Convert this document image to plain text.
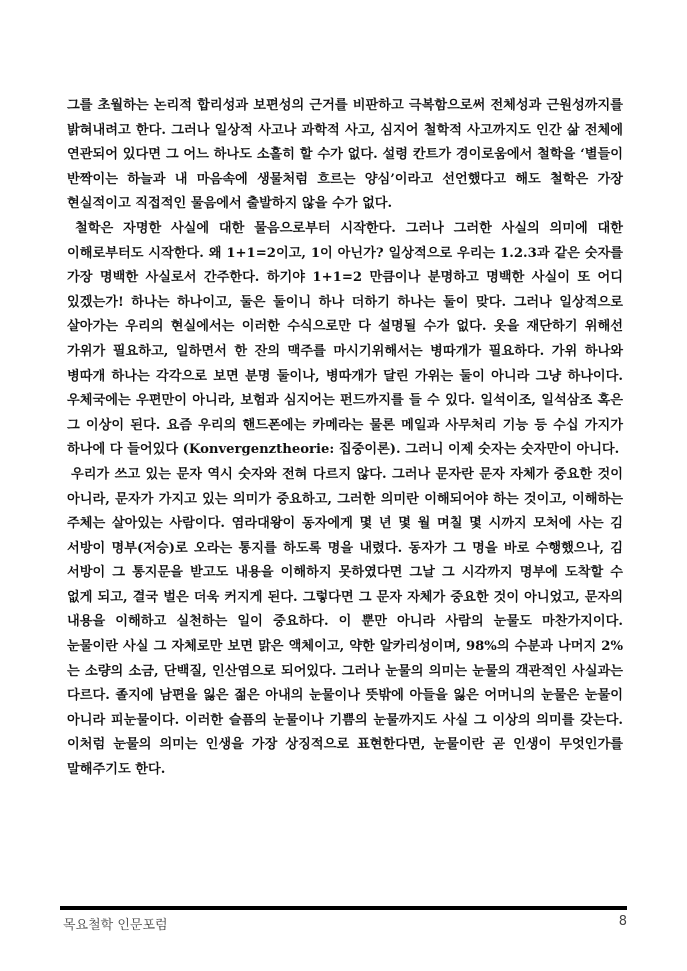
그를 초월하는 논리적 합리성과 보편성의 근거를 비판하고 극복함으로써 전체성과 근원성까지를 밝혀내려고 한다. 그러나 일상적 사고나 과학적 사고, 심지어 철학적 사고까지도 인간 삶 전체에 연관되어 있다면 그 어느 하나도 소홀히 할 수가 없다. 설령 칸트가 경이로움에서 철학을 ‘별들이 반짝이는 하늘과 내 마음속에 생물처럼 흐르는 양심’이라고 선언했다고 해도 철학은 가장 현실적이고 직접적인 물음에서 출발하지 않을 수가 없다.

철학은 자명한 사실에 대한 물음으로부터 시작한다. 그러나 그러한 사실의 의미에 대한 이해로부터도 시작한다. 왜 1+1=2이고, 1이 아닌가? 일상적으로 우리는 1.2.3과 같은 숫자를 가장 명백한 사실로서 간주한다. 하기야 1+1=2 만큼이나 분명하고 명백한 사실이 또 어디 있겠는가! 하나는 하나이고, 둘은 둘이니 하나 더하기 하나는 둘이 맞다. 그러나 일상적으로 살아가는 우리의 현실에서는 이러한 수식으로만 다 설명될 수가 없다. 옷을 재단하기 위해선 가위가 필요하고, 일하면서 한 잔의 맥주를 마시기위해서는 병따개가 필요하다. 가위 하나와 병따개 하나는 각각으로 보면 분명 둘이나, 병따개가 달린 가위는 둘이 아니라 그냥 하나이다. 우체국에는 우편만이 아니라, 보험과 심지어는 펀드까지를 들 수 있다. 일석이조, 일석삼조 혹은 그 이상이 된다. 요즘 우리의 핸드폰에는 카메라는 물론 메일과 사무처리 기능 등 수십 가지가 하나에 다 들어있다 (Konvergenztheorie: 집중이론). 그러니 이제 숫자는 숫자만이 아니다.

우리가 쓰고 있는 문자 역시 숫자와 전혀 다르지 않다. 그러나 문자란 문자 자체가 중요한 것이 아니라, 문자가 가지고 있는 의미가 중요하고, 그러한 의미란 이해되어야 하는 것이고, 이해하는 주체는 살아있는 사람이다. 염라대왕이 동자에게 몇 년 몇 월 며칠 몇 시까지 모처에 사는 김 서방이 명부(저승)로 오라는 통지를 하도록 명을 내렸다. 동자가 그 명을 바로 수행했으나, 김 서방이 그 통지문을 받고도 내용을 이해하지 못하였다면 그날 그 시각까지 명부에 도착할 수 없게 되고, 결국 벌은 더욱 커지게 된다. 그렇다면 그 문자 자체가 중요한 것이 아니었고, 문자의 내용을 이해하고 실천하는 일이 중요하다. 이 뿐만 아니라 사람의 눈물도 마찬가지이다. 눈물이란 사실 그 자체로만 보면 맑은 액체이고, 약한 알카리성이며, 98%의 수분과 나머지 2%는 소량의 소금, 단백질, 인산염으로 되어있다. 그러나 눈물의 의미는 눈물의 객관적인 사실과는 다르다. 졸지에 남편을 잃은 젊은 아내의 눈물이나 뜻밖에 아들을 잃은 어머니의 눈물은 눈물이 아니라 피눈물이다. 이러한 슬픔의 눈물이나 기쁨의 눈물까지도 사실 그 이상의 의미를 갖는다. 이처럼 눈물의 의미는 인생을 가장 상징적으로 표현한다면, 눈물이란 곧 인생이 무엇인가를 말해주기도 한다.

목요철학 인문포럼	8
